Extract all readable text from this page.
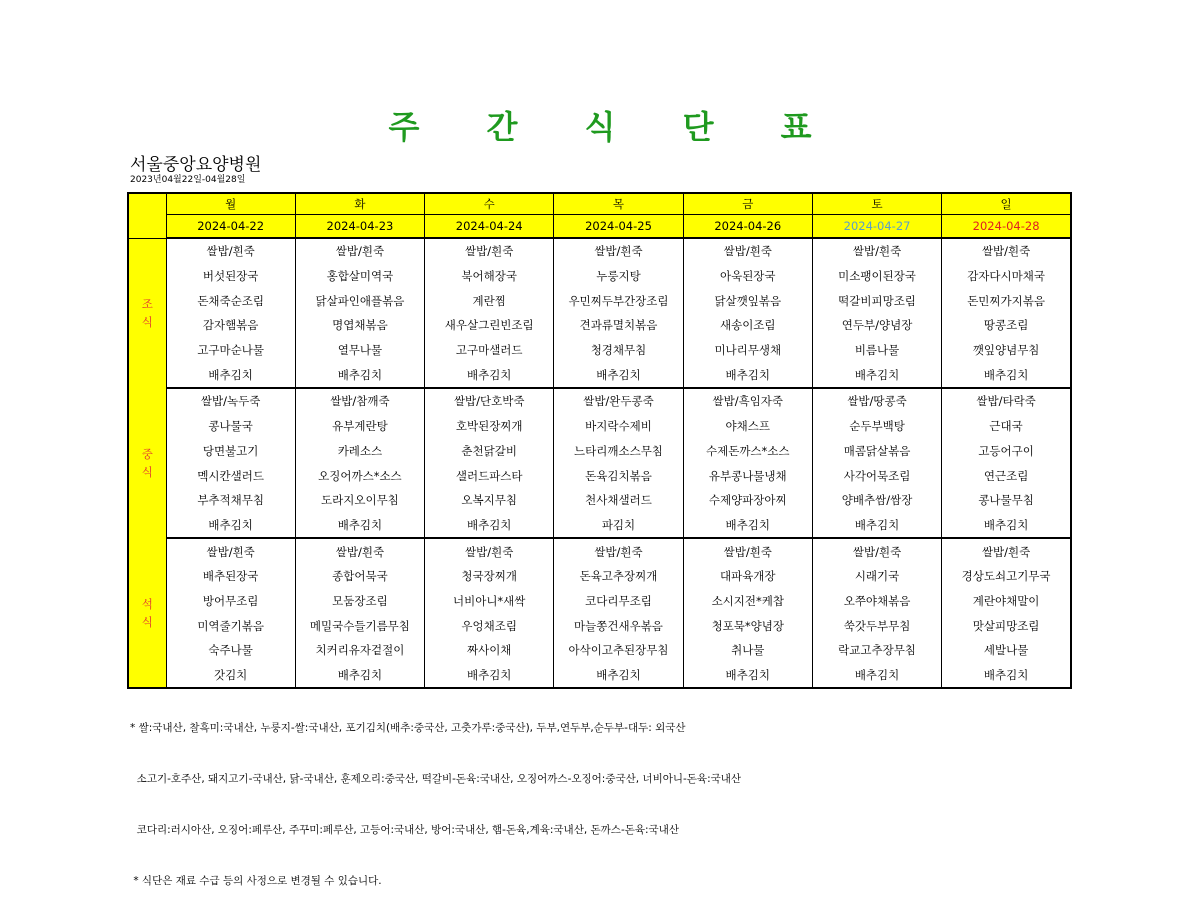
주 간 식 단 표
서울중앙요양병원
2023년04월22일-04월28일
	월	화	수	목	금	토	일
	2024-04-22	2024-04-23	2024-04-24	2024-04-25	2024-04-26	2024-04-27	2024-04-28

조
식	쌀밥/흰죽	쌀밥/흰죽	쌀밥/흰죽	쌀밥/흰죽	쌀밥/흰죽	쌀밥/흰죽	쌀밥/흰죽
	버섯된장국	홍합살미역국	북어해장국	누룽지탕	아욱된장국	미소팽이된장국	감자다시마채국
	돈채죽순조림	닭살파인애플볶음	계란찜	우민찌두부간장조림	닭살깻잎볶음	떡갈비피망조림	돈민찌가지볶음
	감자햄볶음	명엽채볶음	새우살그린빈조림	견과류멸치볶음	새송이조림	연두부/양념장	땅콩조림
	고구마순나물	열무나물	고구마샐러드	청경채무침	미나리무생채	비름나물	깻잎양념무침
	배추김치	배추김치	배추김치	배추김치	배추김치	배추김치	배추김치

중
식	쌀밥/녹두죽	쌀밥/참깨죽	쌀밥/단호박죽	쌀밥/완두콩죽	쌀밥/흑임자죽	쌀밥/땅콩죽	쌀밥/타락죽
	콩나물국	유부계란탕	호박된장찌개	바지락수제비	야채스프	순두부백탕	근대국
	당면불고기	카레소스	춘천닭갈비	느타리깨소스무침	수제돈까스*소스	매콤닭살볶음	고등어구이
	멕시칸샐러드	오징어까스*소스	샐러드파스타	돈육김치볶음	유부콩나물냉채	사각어묵조림	연근조림
	부추적채무침	도라지오이무침	오복지무침	천사채샐러드	수제양파장아찌	양배추쌈/쌈장	콩나물무침
	배추김치	배추김치	배추김치	파김치	배추김치	배추김치	배추김치

석
식	쌀밥/흰죽	쌀밥/흰죽	쌀밥/흰죽	쌀밥/흰죽	쌀밥/흰죽	쌀밥/흰죽	쌀밥/흰죽
	배추된장국	종합어묵국	청국장찌개	돈육고추장찌개	대파육개장	시래기국	경상도쇠고기무국
	방어무조림	모둠장조림	너비아니*새싹	코다리무조림	소시지전*케찹	오쭈야채볶음	계란야채말이
	미역줄기볶음	메밀국수들기름무침	우엉채조림	마늘쫑건새우볶음	청포묵*양념장	쑥갓두부무침	맛살피망조림
	숙주나물	치커리유자겉절이	짜사이채	아삭이고추된장무침	취나물	락교고추장무침	세발나물
	갓김치	배추김치	배추김치	배추김치	배추김치	배추김치	배추김치

* 쌀:국내산, 찰흑미:국내산, 누룽지-쌀:국내산, 포기김치(배추:중국산, 고춧가루:중국산), 두부,연두부,순두부-대두: 외국산

소고기-호주산, 돼지고기-국내산, 닭-국내산, 훈제오리:중국산, 떡갈비-돈육:국내산, 오징어까스-오징어:중국산, 너비아니-돈육:국내산

코다리:러시아산, 오징어:페루산, 주꾸미:페루산, 고등어:국내산, 방어:국내산, 햄-돈육,계육:국내산, 돈까스-돈육:국내산

* 식단은 재료 수급 등의 사정으로 변경될 수 있습니다.
